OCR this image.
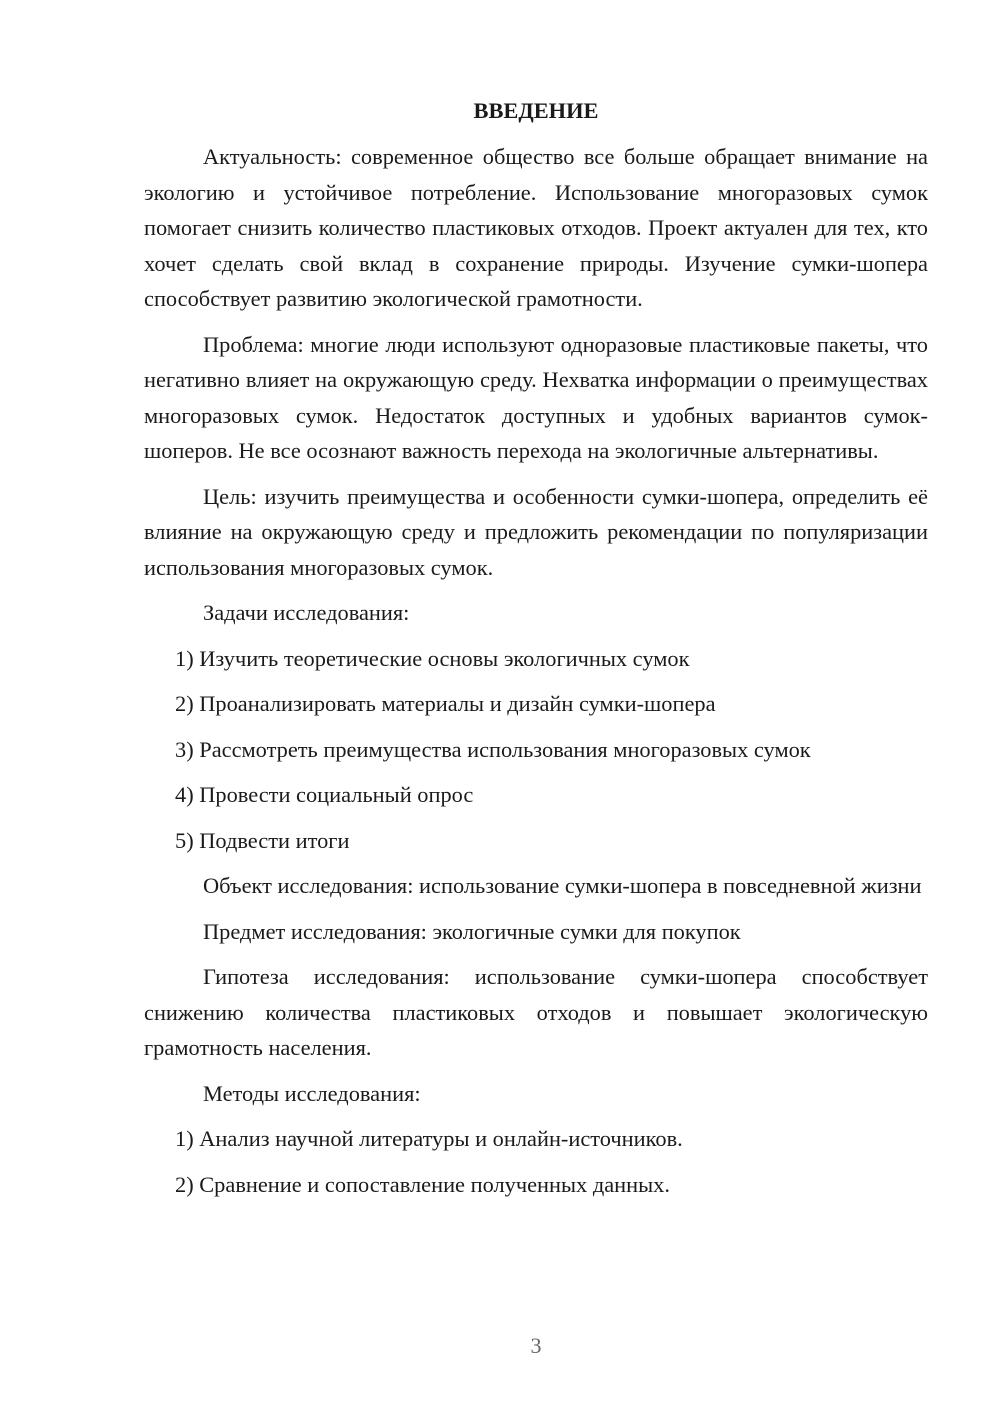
ВВЕДЕНИЕ
Актуальность: современное общество все больше обращает внимание на экологию и устойчивое потребление. Использование многоразовых сумок помогает снизить количество пластиковых отходов. Проект актуален для тех, кто хочет сделать свой вклад в сохранение природы. Изучение сумки-шопера способствует развитию экологической грамотности.
Проблема: многие люди используют одноразовые пластиковые пакеты, что негативно влияет на окружающую среду. Нехватка информации о преимуществах многоразовых сумок. Недостаток доступных и удобных вариантов сумок-шоперов. Не все осознают важность перехода на экологичные альтернативы.
Цель: изучить преимущества и особенности сумки-шопера, определить её влияние на окружающую среду и предложить рекомендации по популяризации использования многоразовых сумок.
Задачи исследования:
1) Изучить теоретические основы экологичных сумок
2) Проанализировать материалы и дизайн сумки-шопера
3) Рассмотреть преимущества использования многоразовых сумок
4) Провести социальный опрос
5) Подвести итоги
Объект исследования: использование сумки-шопера в повседневной жизни
Предмет исследования: экологичные сумки для покупок
Гипотеза исследования: использование сумки-шопера способствует снижению количества пластиковых отходов и повышает экологическую грамотность населения.
Методы исследования:
1) Анализ научной литературы и онлайн-источников.
2) Сравнение и сопоставление полученных данных.
3
